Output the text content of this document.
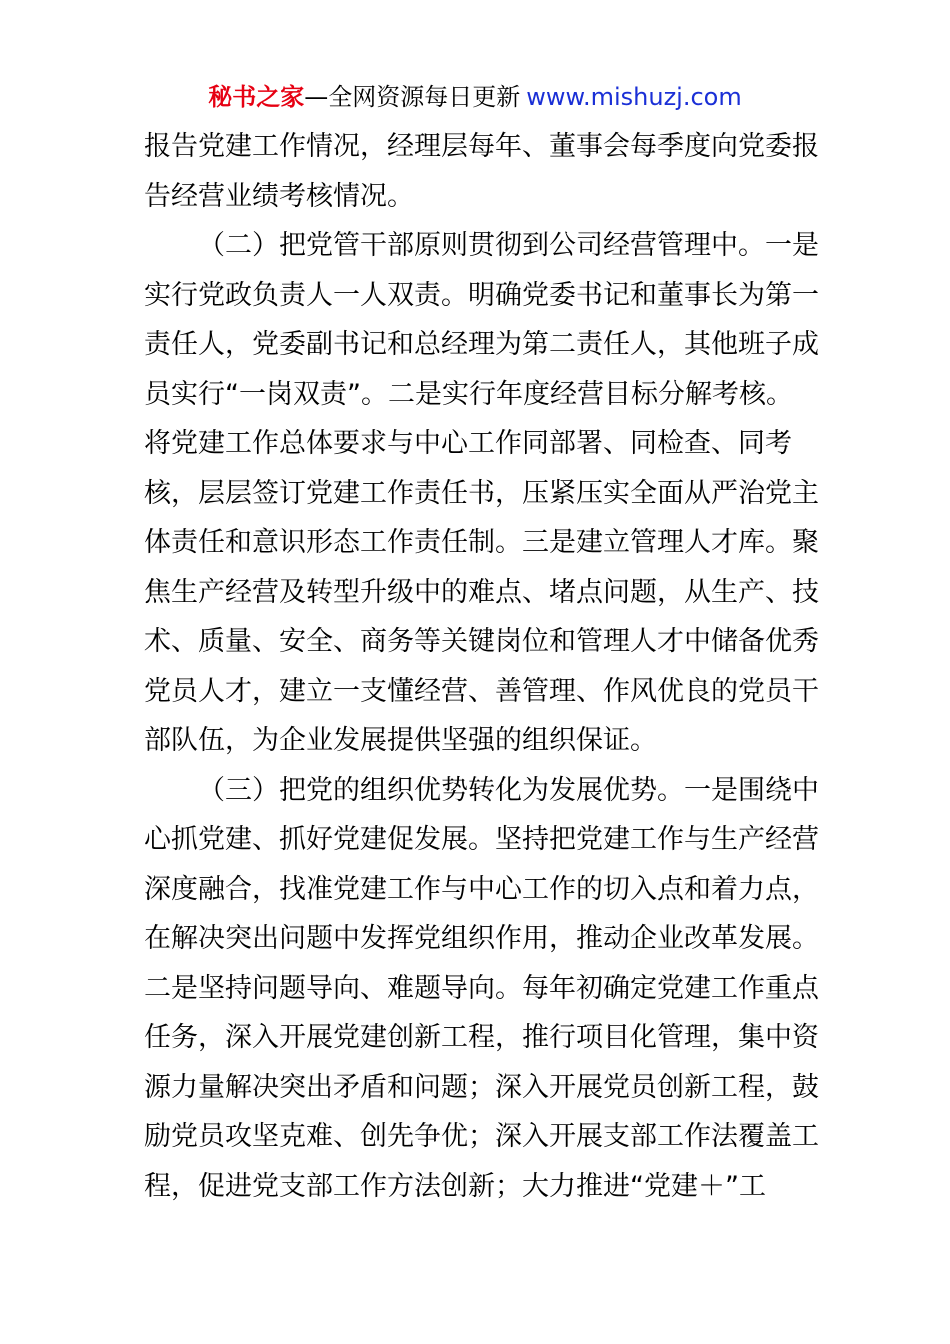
秘书之家—全网资源每日更新 www.mishuzj.com

报告党建工作情况，经理层每年、董事会每季度向党委报
告经营业绩考核情况。

（二）把党管干部原则贯彻到公司经营管理中。一是
实行党政负责人一人双责。明确党委书记和董事长为第一
责任人，党委副书记和总经理为第二责任人，其他班子成
员实行“一岗双责”。二是实行年度经营目标分解考核。
将党建工作总体要求与中心工作同部署、同检查、同考
核，层层签订党建工作责任书，压紧压实全面从严治党主
体责任和意识形态工作责任制。三是建立管理人才库。聚
焦生产经营及转型升级中的难点、堵点问题，从生产、技
术、质量、安全、商务等关键岗位和管理人才中储备优秀
党员人才，建立一支懂经营、善管理、作风优良的党员干
部队伍，为企业发展提供坚强的组织保证。

（三）把党的组织优势转化为发展优势。一是围绕中
心抓党建、抓好党建促发展。坚持把党建工作与生产经营
深度融合，找准党建工作与中心工作的切入点和着力点，
在解决突出问题中发挥党组织作用，推动企业改革发展。
二是坚持问题导向、难题导向。每年初确定党建工作重点
任务，深入开展党建创新工程，推行项目化管理，集中资
源力量解决突出矛盾和问题；深入开展党员创新工程，鼓
励党员攻坚克难、创先争优；深入开展支部工作法覆盖工
程，促进党支部工作方法创新；大力推进“党建＋”工
